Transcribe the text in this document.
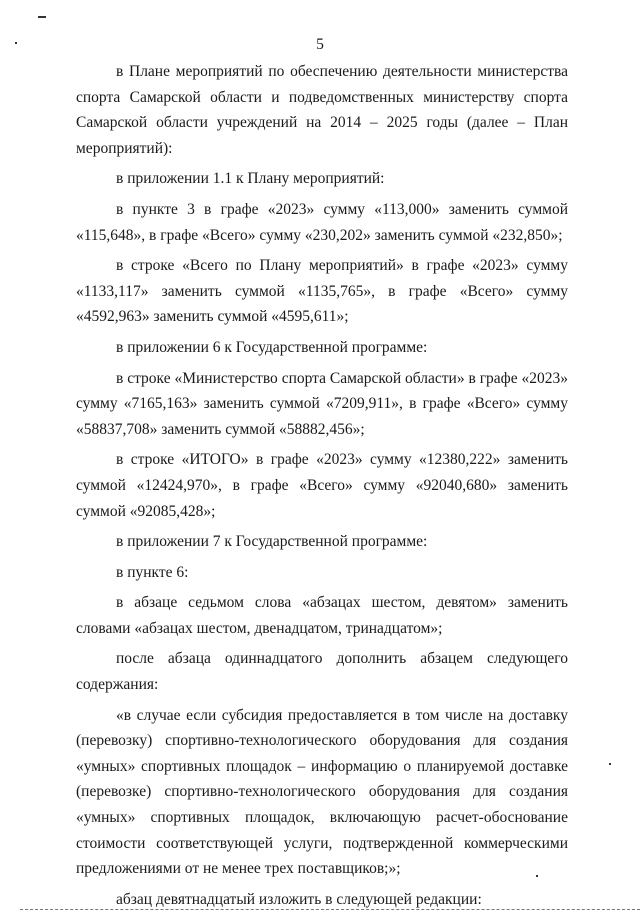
5

в Плане мероприятий по обеспечению деятельности министерства спорта Самарской области и подведомственных министерству спорта Самарской области учреждений на 2014 – 2025 годы (далее – План мероприятий):

в приложении 1.1 к Плану мероприятий:

в пункте 3 в графе «2023» сумму «113,000» заменить суммой «115,648», в графе «Всего» сумму «230,202» заменить суммой «232,850»;

в строке «Всего по Плану мероприятий» в графе «2023» сумму «1133,117» заменить суммой «1135,765», в графе «Всего» сумму «4592,963» заменить суммой «4595,611»;

в приложении 6 к Государственной программе:

в строке «Министерство спорта Самарской области» в графе «2023» сумму «7165,163» заменить суммой «7209,911», в графе «Всего» сумму «58837,708» заменить суммой «58882,456»;

в строке «ИТОГО» в графе «2023» сумму «12380,222» заменить суммой «12424,970», в графе «Всего» сумму «92040,680» заменить суммой «92085,428»;

в приложении 7 к Государственной программе:

в пункте 6:

в абзаце седьмом слова «абзацах шестом, девятом» заменить словами «абзацах шестом, двенадцатом, тринадцатом»;

после абзаца одиннадцатого дополнить абзацем следующего содержания:

«в случае если субсидия предоставляется в том числе на доставку (перевозку) спортивно-технологического оборудования для создания «умных» спортивных площадок – информацию о планируемой доставке (перевозке) спортивно-технологического оборудования для создания «умных» спортивных площадок, включающую расчет-обоснование стоимости соответствующей услуги, подтвержденной коммерческими предложениями от не менее трех поставщиков;»;

абзац девятнадцатый изложить в следующей редакции:
